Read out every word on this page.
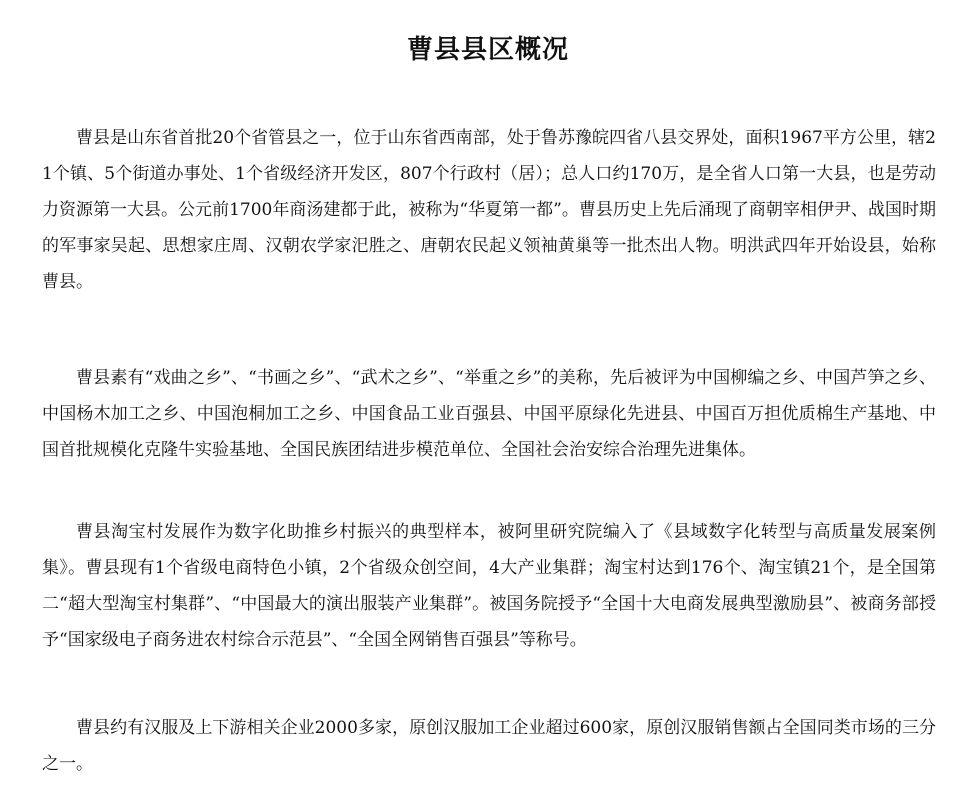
曹县县区概况

曹县是山东省首批20个省管县之一，位于山东省西南部，处于鲁苏豫皖四省八县交界处，面积1967平方公里，辖21个镇、5个街道办事处、1个省级经济开发区，807个行政村（居）；总人口约170万，是全省人口第一大县，也是劳动力资源第一大县。公元前1700年商汤建都于此，被称为“华夏第一都”。曹县历史上先后涌现了商朝宰相伊尹、战国时期的军事家吴起、思想家庄周、汉朝农学家汜胜之、唐朝农民起义领袖黄巢等一批杰出人物。明洪武四年开始设县，始称曹县。

曹县素有“戏曲之乡”、“书画之乡”、“武术之乡”、“举重之乡”的美称，先后被评为中国柳编之乡、中国芦笋之乡、中国杨木加工之乡、中国泡桐加工之乡、中国食品工业百强县、中国平原绿化先进县、中国百万担优质棉生产基地、中国首批规模化克隆牛实验基地、全国民族团结进步模范单位、全国社会治安综合治理先进集体。

曹县淘宝村发展作为数字化助推乡村振兴的典型样本，被阿里研究院编入了《县域数字化转型与高质量发展案例集》。曹县现有1个省级电商特色小镇，2个省级众创空间，4大产业集群；淘宝村达到176个、淘宝镇21个，是全国第二“超大型淘宝村集群”、“中国最大的演出服装产业集群”。被国务院授予“全国十大电商发展典型激励县”、被商务部授予“国家级电子商务进农村综合示范县”、“全国全网销售百强县”等称号。

曹县约有汉服及上下游相关企业2000多家，原创汉服加工企业超过600家，原创汉服销售额占全国同类市场的三分之一。
